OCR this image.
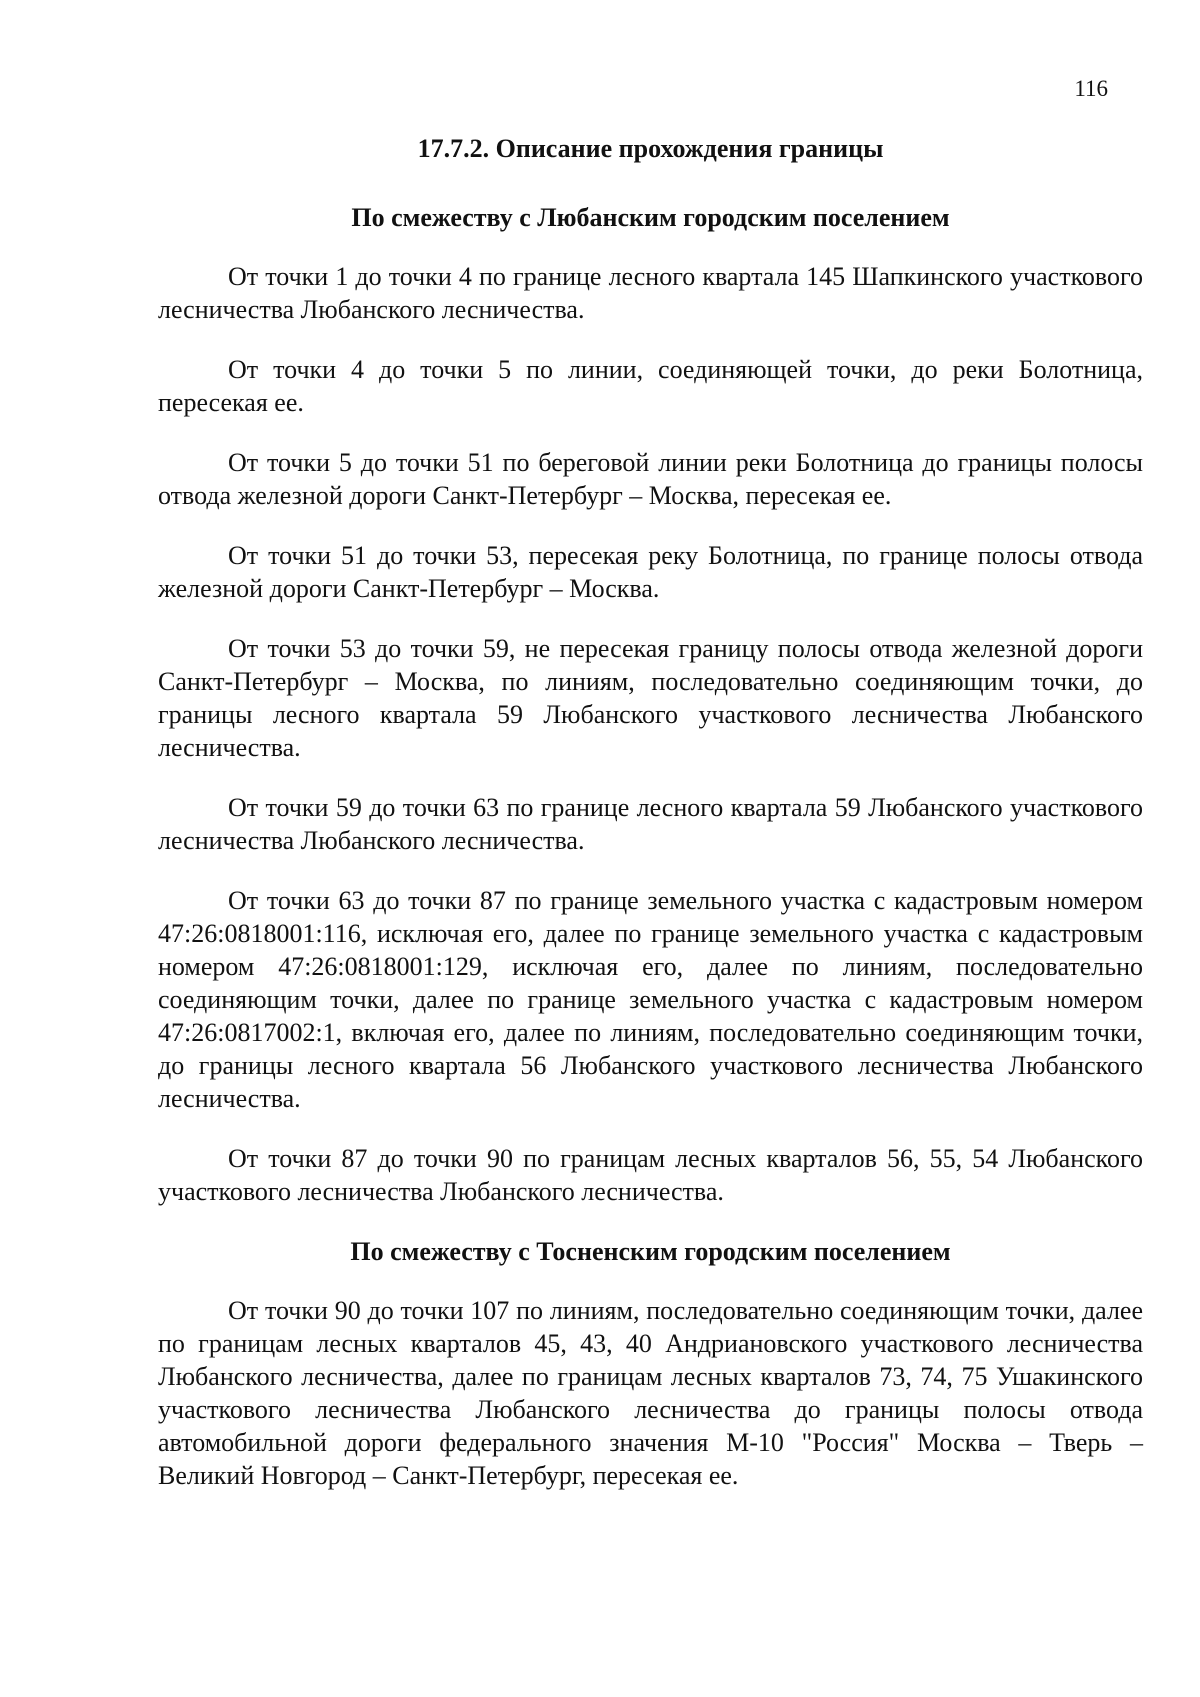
116
17.7.2. Описание прохождения границы
По смежеству с Любанским городским поселением

От точки 1 до точки 4 по границе лесного квартала 145 Шапкинского участкового лесничества Любанского лесничества.

От точки 4 до точки 5 по линии, соединяющей точки, до реки Болотница, пересекая ее.

От точки 5 до точки 51 по береговой линии реки Болотница до границы полосы отвода железной дороги Санкт-Петербург – Москва, пересекая ее.

От точки 51 до точки 53, пересекая реку Болотница, по границе полосы отвода железной дороги Санкт-Петербург – Москва.

От точки 53 до точки 59, не пересекая границу полосы отвода железной дороги Санкт-Петербург – Москва, по линиям, последовательно соединяющим точки, до границы лесного квартала 59 Любанского участкового лесничества Любанского лесничества.

От точки 59 до точки 63 по границе лесного квартала 59 Любанского участкового лесничества Любанского лесничества.

От точки 63 до точки 87 по границе земельного участка с кадастровым номером 47:26:0818001:116, исключая его, далее по границе земельного участка с кадастровым номером 47:26:0818001:129, исключая его, далее по линиям, последовательно соединяющим точки, далее по границе земельного участка с кадастровым номером 47:26:0817002:1, включая его, далее по линиям, последовательно соединяющим точки, до границы лесного квартала 56 Любанского участкового лесничества Любанского лесничества.

От точки 87 до точки 90 по границам лесных кварталов 56, 55, 54 Любанского участкового лесничества Любанского лесничества.

По смежеству с Тосненским городским поселением

От точки 90 до точки 107 по линиям, последовательно соединяющим точки, далее по границам лесных кварталов 45, 43, 40 Андриановского участкового лесничества Любанского лесничества, далее по границам лесных кварталов 73, 74, 75 Ушакинского участкового лесничества Любанского лесничества до границы полосы отвода автомобильной дороги федерального значения М-10 "Россия" Москва – Тверь – Великий Новгород – Санкт-Петербург, пересекая ее.
